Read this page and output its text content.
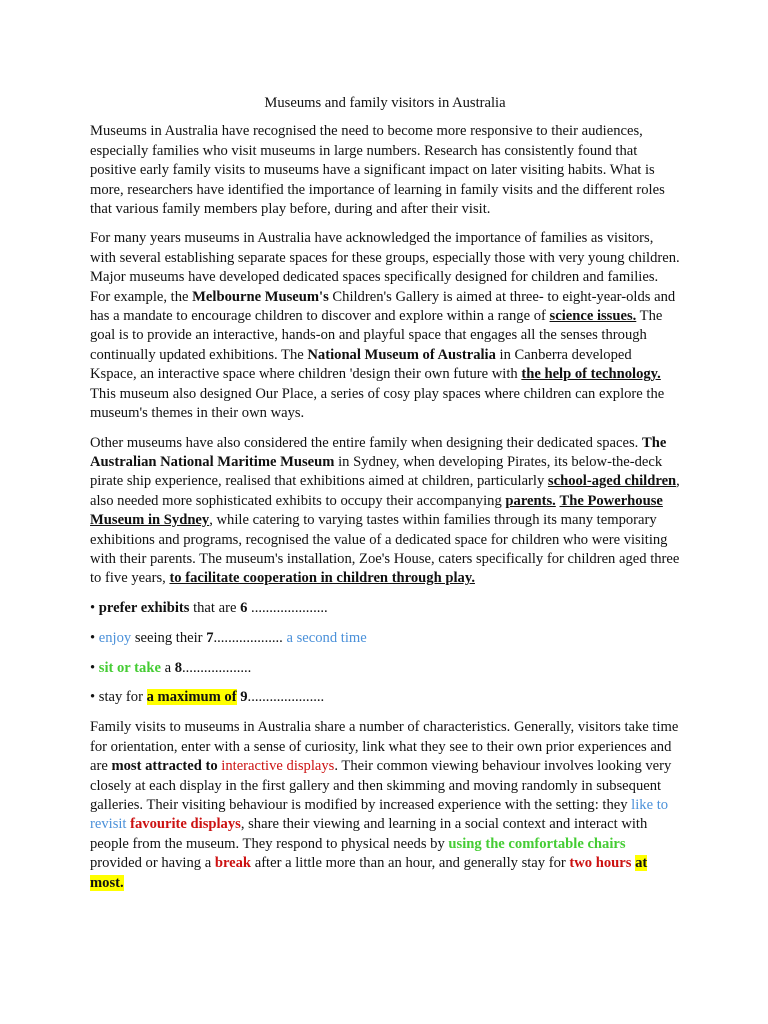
Museums and family visitors in Australia

Museums in Australia have recognised the need to become more responsive to their audiences, especially families who visit museums in large numbers. Research has consistently found that positive early family visits to museums have a significant impact on later visiting habits. What is more, researchers have identified the importance of learning in family visits and the different roles that various family members play before, during and after their visit.

For many years museums in Australia have acknowledged the importance of families as visitors, with several establishing separate spaces for these groups, especially those with very young children. Major museums have developed dedicated spaces specifically designed for children and families. For example, the Melbourne Museum's Children's Gallery is aimed at three- to eight-year-olds and has a mandate to encourage children to discover and explore within a range of science issues. The goal is to provide an interactive, hands-on and playful space that engages all the senses through continually updated exhibitions. The National Museum of Australia in Canberra developed Kspace, an interactive space where children 'design their own future with the help of technology. This museum also designed Our Place, a series of cosy play spaces where children can explore the museum's themes in their own ways.

Other museums have also considered the entire family when designing their dedicated spaces. The Australian National Maritime Museum in Sydney, when developing Pirates, its below-the-deck pirate ship experience, realised that exhibitions aimed at children, particularly school-aged children, also needed more sophisticated exhibits to occupy their accompanying parents. The Powerhouse Museum in Sydney, while catering to varying tastes within families through its many temporary exhibitions and programs, recognised the value of a dedicated space for children who were visiting with their parents. The museum's installation, Zoe's House, caters specifically for children aged three to five years, to facilitate cooperation in children through play.

• prefer exhibits that are 6 .....................
• enjoy seeing their 7................... a second time
• sit or take a 8...................
• stay for a maximum of 9.....................

Family visits to museums in Australia share a number of characteristics. Generally, visitors take time for orientation, enter with a sense of curiosity, link what they see to their own prior experiences and are most attracted to interactive displays. Their common viewing behaviour involves looking very closely at each display in the first gallery and then skimming and moving randomly in subsequent galleries. Their visiting behaviour is modified by increased experience with the setting: they like to revisit favourite displays, share their viewing and learning in a social context and interact with people from the museum. They respond to physical needs by using the comfortable chairs provided or having a break after a little more than an hour, and generally stay for two hours at most.
